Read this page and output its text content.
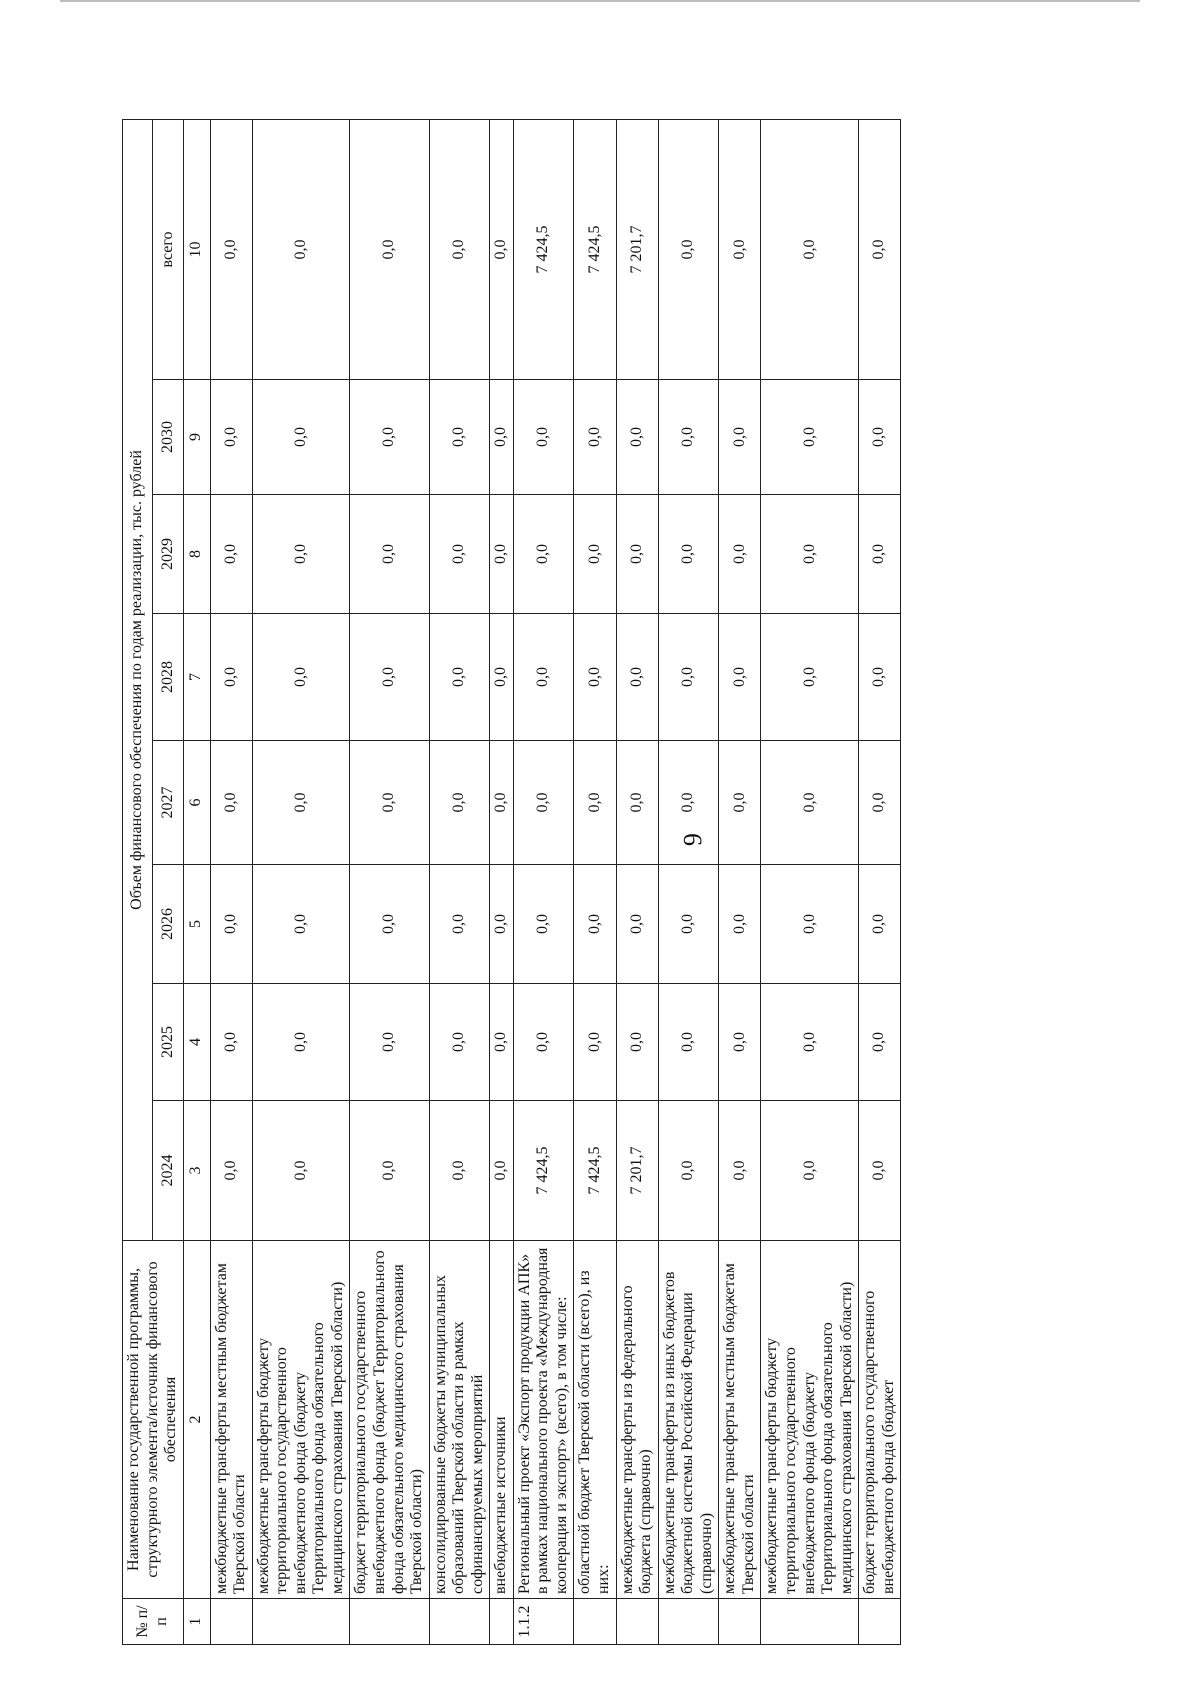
6
№ п/п	Наименование государственной программы, структурного элемента/источник финансового обеспечения	Объем финансового обеспечения по годам реализации, тыс. рублей							
		2024	2025	2026	2027	2028	2029	2030	всего
1	2	3	4	5	6	7	8	9	10
	межбюджетные трансферты местным бюджетам Тверской области	0,0	0,0	0,0	0,0	0,0	0,0	0,0	0,0
	межбюджетные трансферты бюджету территориального государственного внебюджетного фонда (бюджету Территориального фонда обязательного медицинского страхования Тверской области)	0,0	0,0	0,0	0,0	0,0	0,0	0,0	0,0
	бюджет территориального государственного внебюджетного фонда (бюджет Территориального фонда обязательного медицинского страхования Тверской области)	0,0	0,0	0,0	0,0	0,0	0,0	0,0	0,0
	консолидированные бюджеты муниципальных образований Тверской области в рамках софинансируемых мероприятий	0,0	0,0	0,0	0,0	0,0	0,0	0,0	0,0
	внебюджетные источники	0,0	0,0	0,0	0,0	0,0	0,0	0,0	0,0
1.1.2	Региональный проект «Экспорт продукции АПК» в рамках национального проекта «Международная кооперация и экспорт» (всего), в том числе:	7 424,5	0,0	0,0	0,0	0,0	0,0	0,0	7 424,5
	областной бюджет Тверской области (всего), из них:	7 424,5	0,0	0,0	0,0	0,0	0,0	0,0	7 424,5
	межбюджетные трансферты из федерального бюджета (справочно)	7 201,7	0,0	0,0	0,0	0,0	0,0	0,0	7 201,7
	межбюджетные трансферты из иных бюджетов бюджетной системы Российской Федерации (справочно)	0,0	0,0	0,0	0,0	0,0	0,0	0,0	0,0
	межбюджетные трансферты местным бюджетам Тверской области	0,0	0,0	0,0	0,0	0,0	0,0	0,0	0,0
	межбюджетные трансферты бюджету территориального государственного внебюджетного фонда (бюджету Территориального фонда обязательного медицинского страхования Тверской области)	0,0	0,0	0,0	0,0	0,0	0,0	0,0	0,0
	бюджет территориального государственного внебюджетного фонда (бюджет	0,0	0,0	0,0	0,0	0,0	0,0	0,0	0,0
